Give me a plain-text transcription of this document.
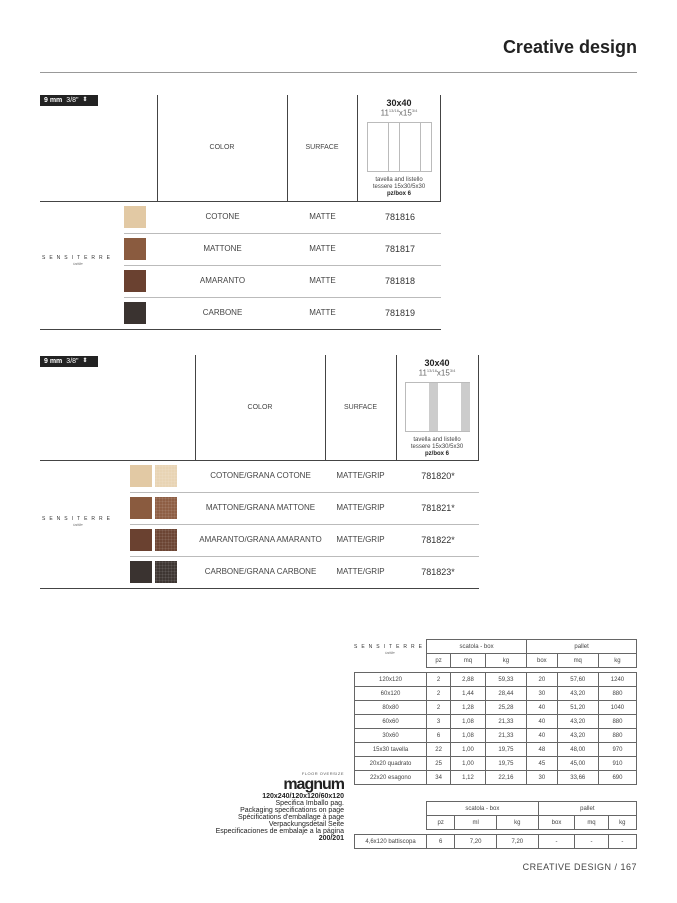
Creative design
9 mm 3/8" ⇕
COLOR	SURFACE
30x40
$11^{13/16}x15^{3/4}$
tavella and listello
tessere 15x30/5x30
pz/box 6
SENSITERRE
tattile
9 mm 3/8" ⇕
COLOR	SURFACE
30x40
$11^{13/16}x15^{3/4}$
tavella and listello
tessere 15x30/5x30
pz/box 6
SENSITERRE
tattile
COTONE	MATTE	781816
MATTONE	MATTE	781817
AMARANTO	MATTE	781818
CARBONE	MATTE	781819
COTONE/GRANA COTONE	MATTE/GRIP	781820*
MATTONE/GRANA MATTONE	MATTE/GRIP	781821*
AMARANTO/GRANA AMARANTO	MATTE/GRIP	781822*
CARBONE/GRANA CARBONE	MATTE/GRIP	781823*
SENSITERRE
tattile
	scatola - box			pallet		
	pz	mq	kg	box	mq	kg

120x120	2	2,88	59,33	20	57,60	1240
60x120	2	1,44	28,44	30	43,20	880
80x80	2	1,28	25,28	40	51,20	1040
60x60	3	1,08	21,33	40	43,20	880
30x60	6	1,08	21,33	40	43,20	880
15x30 tavella	22	1,00	19,75	48	48,00	970
20x20 quadrato	25	1,00	19,75	45	45,00	910
22x20 esagono	34	1,12	22,16	30	33,66	690
	scatola - box			pallet		
	pz	ml	kg	box	mq	kg

4,6x120 battiscopa	6	7,20	7,20	-	-	-
FLOOR OVERSIZE
magnum
120x240/120x120/60x120
Specifica Imballo pag.
Packaging specifications on page
Spécifications d'emballage à page
Verpackungsdetail Seite
Especificaciones de embalaje a la página
200/201
CREATIVE DESIGN / 167
